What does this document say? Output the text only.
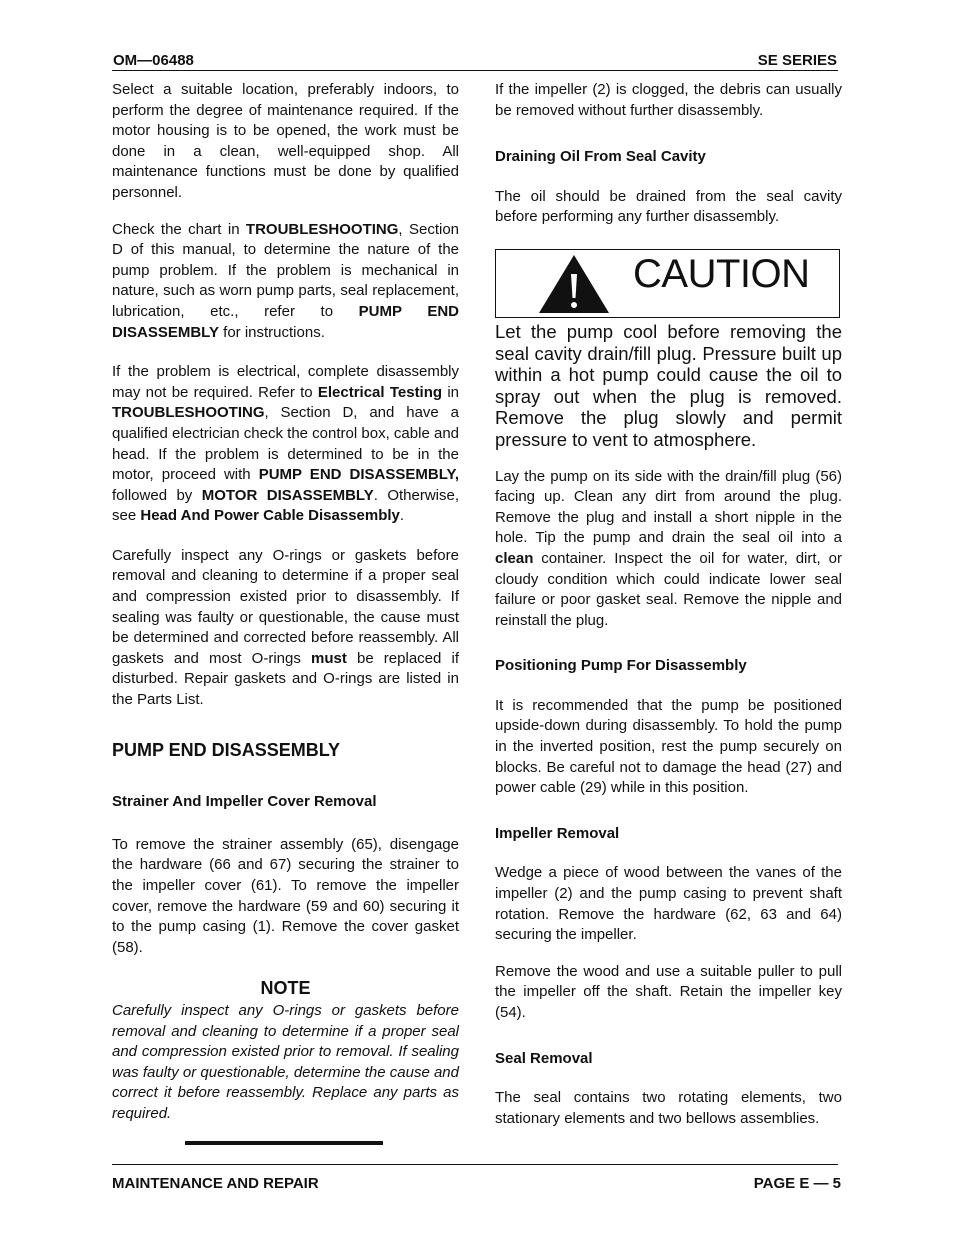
OM—06488	SE SERIES

Select a suitable location, preferably indoors, to perform the degree of maintenance required. If the motor housing is to be opened, the work must be done in a clean, well-equipped shop. All maintenance functions must be done by qualified personnel.

Check the chart in TROUBLESHOOTING, Section D of this manual, to determine the nature of the pump problem. If the problem is mechanical in nature, such as worn pump parts, seal replacement, lubrication, etc., refer to PUMP END DISASSEMBLY for instructions.

If the problem is electrical, complete disassembly may not be required. Refer to Electrical Testing in TROUBLESHOOTING, Section D, and have a qualified electrician check the control box, cable and head. If the problem is determined to be in the motor, proceed with PUMP END DISASSEMBLY, followed by MOTOR DISASSEMBLY. Otherwise, see Head And Power Cable Disassembly.

Carefully inspect any O-rings or gaskets before removal and cleaning to determine if a proper seal and compression existed prior to disassembly. If sealing was faulty or questionable, the cause must be determined and corrected before reassembly. All gaskets and most O-rings must be replaced if disturbed. Repair gaskets and O-rings are listed in the Parts List.

PUMP END DISASSEMBLY
Strainer And Impeller Cover Removal

To remove the strainer assembly (65), disengage the hardware (66 and 67) securing the strainer to the impeller cover (61). To remove the impeller cover, remove the hardware (59 and 60) securing it to the pump casing (1). Remove the cover gasket (58).

NOTE

Carefully inspect any O-rings or gaskets before removal and cleaning to determine if a proper seal and compression existed prior to removal. If sealing was faulty or questionable, determine the cause and correct it before reassembly. Replace any parts as required.

If the impeller (2) is clogged, the debris can usually be removed without further disassembly.

Draining Oil From Seal Cavity

The oil should be drained from the seal cavity before performing any further disassembly.

CAUTION

Let the pump cool before removing the seal cavity drain/fill plug. Pressure built up within a hot pump could cause the oil to spray out when the plug is removed. Remove the plug slowly and permit pressure to vent to atmosphere.

Lay the pump on its side with the drain/fill plug (56) facing up. Clean any dirt from around the plug. Remove the plug and install a short nipple in the hole. Tip the pump and drain the seal oil into a clean container. Inspect the oil for water, dirt, or cloudy condition which could indicate lower seal failure or poor gasket seal. Remove the nipple and reinstall the plug.

Positioning Pump For Disassembly

It is recommended that the pump be positioned upside-down during disassembly. To hold the pump in the inverted position, rest the pump securely on blocks. Be careful not to damage the head (27) and power cable (29) while in this position.

Impeller Removal

Wedge a piece of wood between the vanes of the impeller (2) and the pump casing to prevent shaft rotation. Remove the hardware (62, 63 and 64) securing the impeller.

Remove the wood and use a suitable puller to pull the impeller off the shaft. Retain the impeller key (54).

Seal Removal

The seal contains two rotating elements, two stationary elements and two bellows assemblies.

MAINTENANCE AND REPAIR	PAGE E — 5
